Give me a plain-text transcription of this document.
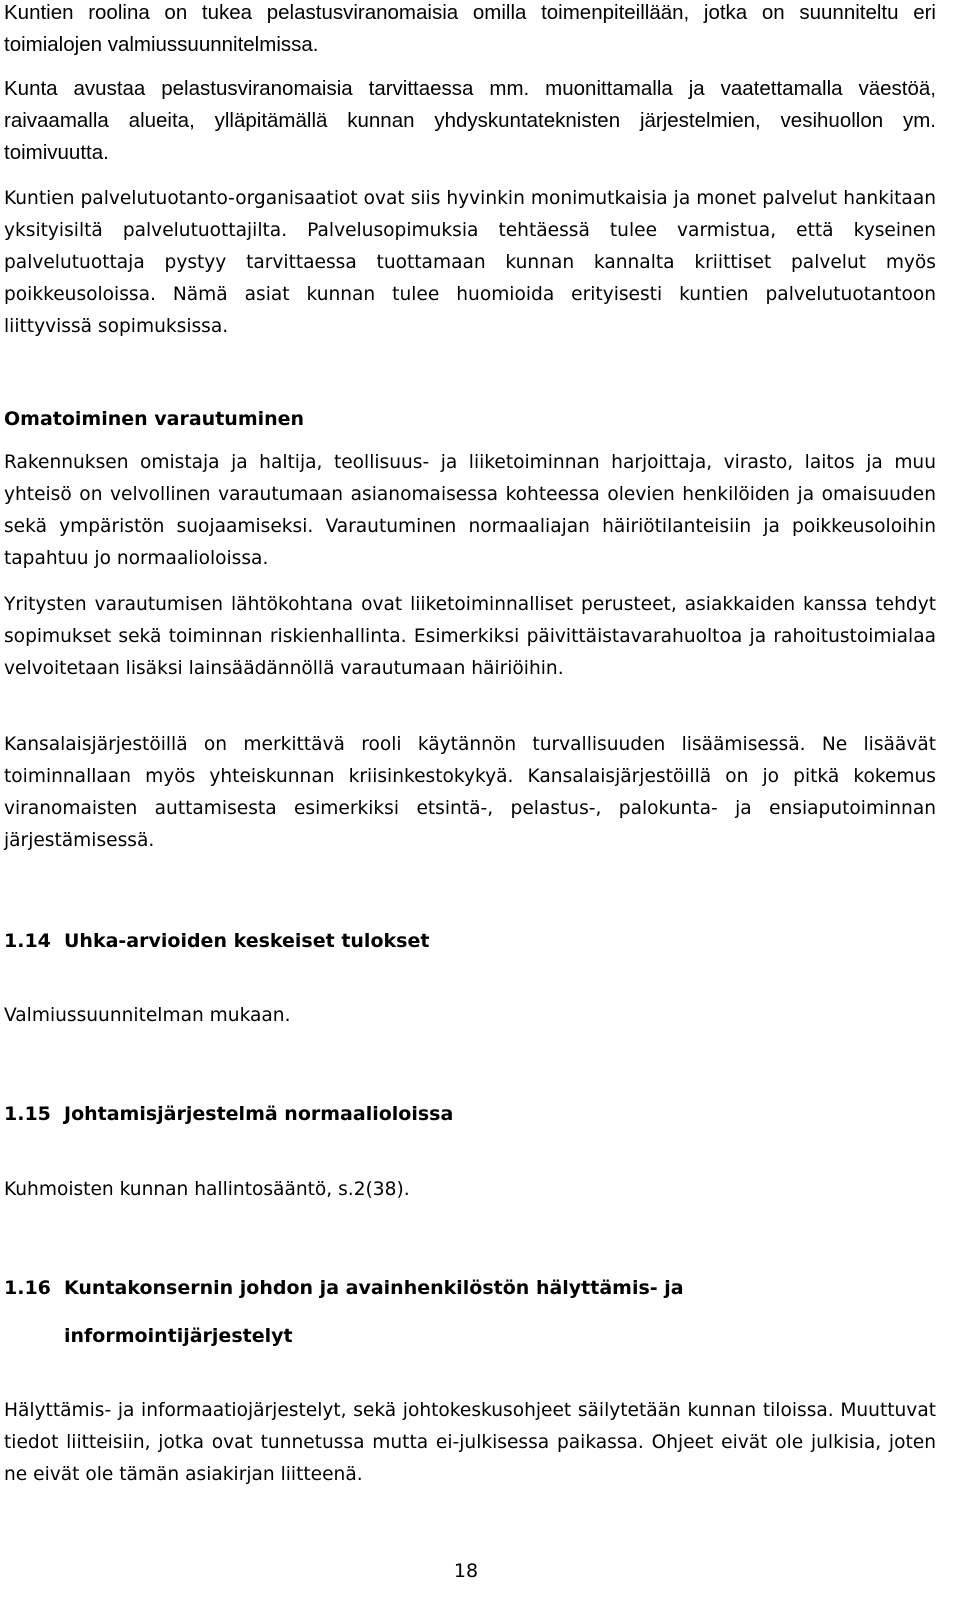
Kuntien roolina on tukea pelastusviranomaisia omilla toimenpiteillään, jotka on suunniteltu eri toimialojen valmiussuunnitelmissa.

Kunta avustaa pelastusviranomaisia tarvittaessa mm. muonittamalla ja vaatettamalla väestöä, raivaamalla alueita, ylläpitämällä kunnan yhdyskuntateknisten järjestelmien, vesihuollon ym. toimivuutta.

Kuntien palvelutuotanto-organisaatiot ovat siis hyvinkin monimutkaisia ja monet palvelut hankitaan yksityisiltä palvelutuottajilta. Palvelusopimuksia tehtäessä tulee varmistua, että kyseinen palvelutuottaja pystyy tarvittaessa tuottamaan kunnan kannalta kriittiset palvelut myös poikkeusoloissa. Nämä asiat kunnan tulee huomioida erityisesti kuntien palvelutuotantoon liittyvissä sopimuksissa.

Omatoiminen varautuminen

Rakennuksen omistaja ja haltija, teollisuus- ja liiketoiminnan harjoittaja, virasto, laitos ja muu yhteisö on velvollinen varautumaan asianomaisessa kohteessa olevien henkilöiden ja omaisuuden sekä ympäristön suojaamiseksi. Varautuminen normaaliajan häiriötilanteisiin ja poikkeusoloihin tapahtuu jo normaalioloissa.

Yritysten varautumisen lähtökohtana ovat liiketoiminnalliset perusteet, asiakkaiden kanssa tehdyt sopimukset sekä toiminnan riskienhallinta. Esimerkiksi päivittäistavarahuoltoa ja rahoitustoimialaa velvoitetaan lisäksi lainsäädännöllä varautumaan häiriöihin.

Kansalaisjärjestöillä on merkittävä rooli käytännön turvallisuuden lisäämisessä. Ne lisäävät toiminnallaan myös yhteiskunnan kriisinkestokykyä. Kansalaisjärjestöillä on jo pitkä kokemus viranomaisten auttamisesta esimerkiksi etsintä-, pelastus-, palokunta- ja ensiaputoiminnan järjestämisessä.

1.14 Uhka-arvioiden keskeiset tulokset

Valmiussuunnitelman mukaan.

1.15 Johtamisjärjestelmä normaalioloissa

Kuhmoisten kunnan hallintosääntö, s.2(38).

1.16 Kuntakonsernin johdon ja avainhenkilöstön hälyttämis- ja
informointijärjestelyt

Hälyttämis- ja informaatiojärjestelyt, sekä johtokeskusohjeet säilytetään kunnan tiloissa. Muuttuvat tiedot liitteisiin, jotka ovat tunnetussa mutta ei-julkisessa paikassa. Ohjeet eivät ole julkisia, joten ne eivät ole tämän asiakirjan liitteenä.

18
